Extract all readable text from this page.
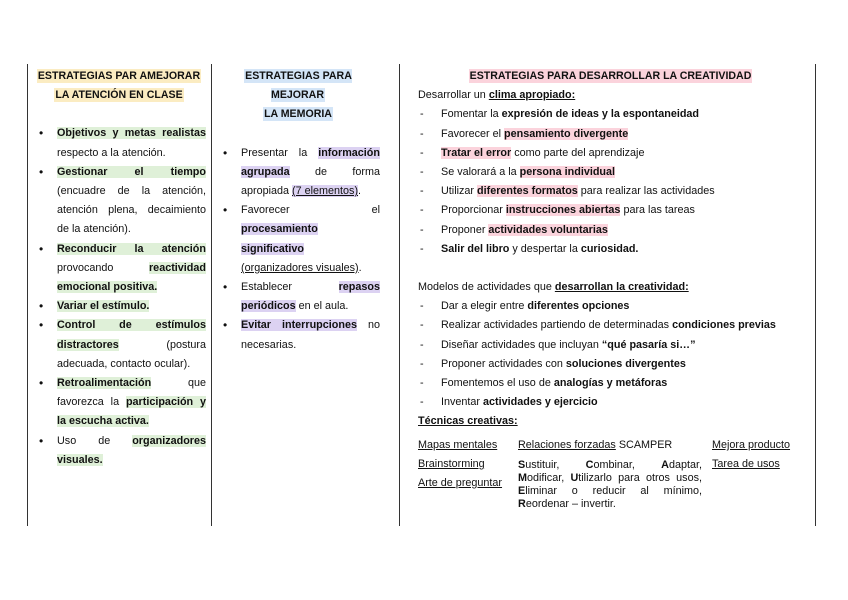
ESTRATEGIAS PAR AMEJORAR
LA ATENCIÓN EN CLASE
• Objetivos y metas realistas respecto a la atención.
• Gestionar el tiempo (encuadre de la atención, atención plena, decaimiento de la atención).
• Reconducir la atención provocando reactividad emocional positiva.
• Variar el estímulo.
• Control de estímulos distractores (postura adecuada, contacto ocular).
• Retroalimentación que favorezca la participación y la escucha activa.
• Uso de organizadores visuales.
ESTRATEGIAS PARA MEJORAR
LA MEMORIA
• Presentar la información agrupada de forma apropiada (7 elementos).
• Favorecer el procesamiento significativo
(organizadores visuales).
• Establecer repasos periódicos en el aula.
• Evitar interrupciones no necesarias.
ESTRATEGIAS PARA DESARROLLAR LA CREATIVIDAD
Desarrollar un clima apropiado:
- Fomentar la expresión de ideas y la espontaneidad
- Favorecer el pensamiento divergente
- Tratar el error como parte del aprendizaje
- Se valorará a la persona individual
- Utilizar diferentes formatos para realizar las actividades
- Proporcionar instrucciones abiertas para las tareas
- Proponer actividades voluntarias
- Salir del libro y despertar la curiosidad.
Modelos de actividades que desarrollan la creatividad:
- Dar a elegir entre diferentes opciones
- Realizar actividades partiendo de determinadas condiciones previas
- Diseñar actividades que incluyan “qué pasaría si…”
- Proponer actividades con soluciones divergentes
- Fomentemos el uso de analogías y metáforas
- Inventar actividades y ejercicio
Técnicas creativas:
Mapas mentales
Brainstorming
Arte de preguntar
Relaciones forzadas SCAMPER
Sustituir, Combinar, Adaptar,
Modificar, Utilizarlo para otros usos,
Eliminar o reducir al mínimo,
Reordenar – invertir.
Mejora producto
Tarea de usos
